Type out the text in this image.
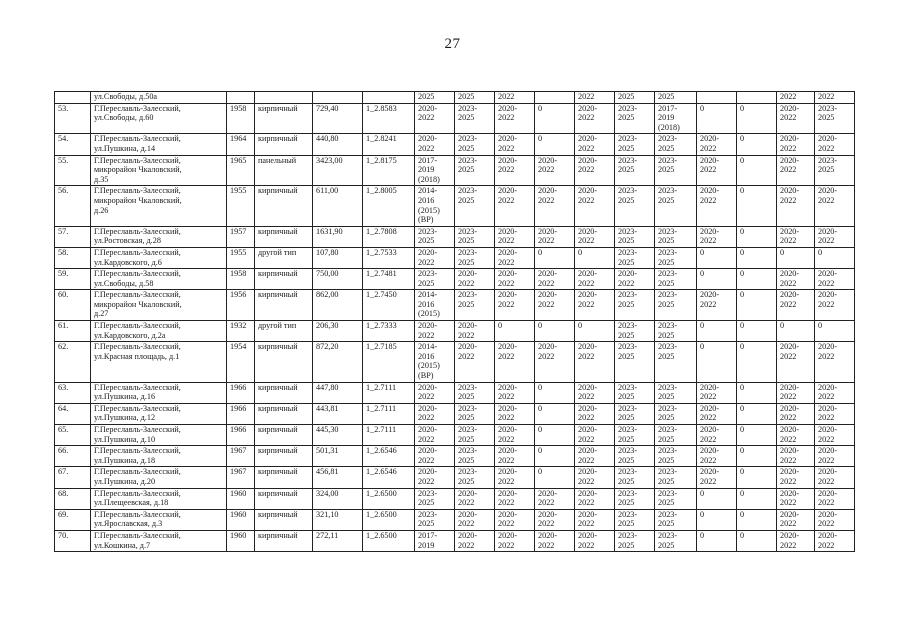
27
	ул.Свободы, д.50а					2025	2025	2022		2022	2025	2025			2022	2022
53.	Г.Переславль-Залесский,
ул.Свободы, д.60	1958	кирпичный	729,40	1_2.8583	2020-
2022	2023-
2025	2020-
2022	0	2020-
2022	2023-
2025	2017-
2019
(2018)	0	0	2020-
2022	2023-
2025
54.	Г.Переславль-Залесский,
ул.Пушкина, д.14	1964	кирпичный	440,80	1_2.8241	2020-
2022	2023-
2025	2020-
2022	0	2020-
2022	2023-
2025	2023-
2025	2020-
2022	0	2020-
2022	2020-
2022
55.	Г.Переславль-Залесский,
микрорайон Чкаловский,
д.35	1965	панельный	3423,00	1_2.8175	2017-
2019
(2018)	2023-
2025	2020-
2022	2020-
2022	2020-
2022	2023-
2025	2023-
2025	2020-
2022	0	2020-
2022	2023-
2025
56.	Г.Переславль-Залесский,
микрорайон Чкаловский,
д.26	1955	кирпичный	611,00	1_2.8005	2014-
2016
(2015)
(ВР)	2023-
2025	2020-
2022	2020-
2022	2020-
2022	2023-
2025	2023-
2025	2020-
2022	0	2020-
2022	2020-
2022
57.	Г.Переславль-Залесский,
ул.Ростовская, д.28	1957	кирпичный	1631,90	1_2.7808	2023-
2025	2023-
2025	2020-
2022	2020-
2022	2020-
2022	2023-
2025	2023-
2025	2020-
2022	0	2020-
2022	2020-
2022
58.	Г.Переславль-Залесский,
ул.Кардовского, д.6	1955	другой тип	107,80	1_2.7533	2020-
2022	2023-
2025	2020-
2022	0	0	2023-
2025	2023-
2025	0	0	0	0
59.	Г.Переславль-Залесский,
ул.Свободы, д.58	1958	кирпичный	750,00	1_2.7481	2023-
2025	2020-
2022	2020-
2022	2020-
2022	2020-
2022	2020-
2022	2023-
2025	0	0	2020-
2022	2020-
2022
60.	Г.Переславль-Залесский,
микрорайон Чкаловский,
д.27	1956	кирпичный	862,00	1_2.7450	2014-
2016
(2015)	2023-
2025	2020-
2022	2020-
2022	2020-
2022	2023-
2025	2023-
2025	2020-
2022	0	2020-
2022	2020-
2022
61.	Г.Переславль-Залесский,
ул.Кардовского, д.2а	1932	другой тип	206,30	1_2.7333	2020-
2022	2020-
2022	0	0	0	2023-
2025	2023-
2025	0	0	0	0
62.	Г.Переславль-Залесский,
ул.Красная площадь, д.1	1954	кирпичный	872,20	1_2.7185	2014-
2016
(2015)
(ВР)	2020-
2022	2020-
2022	2020-
2022	2020-
2022	2023-
2025	2023-
2025	0	0	2020-
2022	2020-
2022
63.	Г.Переславль-Залесский,
ул.Пушкина, д.16	1966	кирпичный	447,80	1_2.7111	2020-
2022	2023-
2025	2020-
2022	0	2020-
2022	2023-
2025	2023-
2025	2020-
2022	0	2020-
2022	2020-
2022
64.	Г.Переславль-Залесский,
ул.Пушкина, д.12	1966	кирпичный	443,81	1_2.7111	2020-
2022	2023-
2025	2020-
2022	0	2020-
2022	2023-
2025	2023-
2025	2020-
2022	0	2020-
2022	2020-
2022
65.	Г.Переславль-Залесский,
ул.Пушкина, д.10	1966	кирпичный	445,30	1_2.7111	2020-
2022	2023-
2025	2020-
2022	0	2020-
2022	2023-
2025	2023-
2025	2020-
2022	0	2020-
2022	2020-
2022
66.	Г.Переславль-Залесский,
ул.Пушкина, д.18	1967	кирпичный	501,31	1_2.6546	2020-
2022	2023-
2025	2020-
2022	0	2020-
2022	2023-
2025	2023-
2025	2020-
2022	0	2020-
2022	2020-
2022
67.	Г.Переславль-Залесский,
ул.Пушкина, д.20	1967	кирпичный	456,81	1_2.6546	2020-
2022	2023-
2025	2020-
2022	0	2020-
2022	2023-
2025	2023-
2025	2020-
2022	0	2020-
2022	2020-
2022
68.	Г.Переславль-Залесский,
ул.Плещеевская, д.18	1960	кирпичный	324,00	1_2.6500	2023-
2025	2020-
2022	2020-
2022	2020-
2022	2020-
2022	2023-
2025	2023-
2025	0	0	2020-
2022	2020-
2022
69.	Г.Переславль-Залесский,
ул.Ярославская, д.3	1960	кирпичный	321,10	1_2.6500	2023-
2025	2020-
2022	2020-
2022	2020-
2022	2020-
2022	2023-
2025	2023-
2025	0	0	2020-
2022	2020-
2022
70.	Г.Переславль-Залесский,
ул.Кошкина, д.7	1960	кирпичный	272,11	1_2.6500	2017-
2019	2020-
2022	2020-
2022	2020-
2022	2020-
2022	2023-
2025	2023-
2025	0	0	2020-
2022	2020-
2022
